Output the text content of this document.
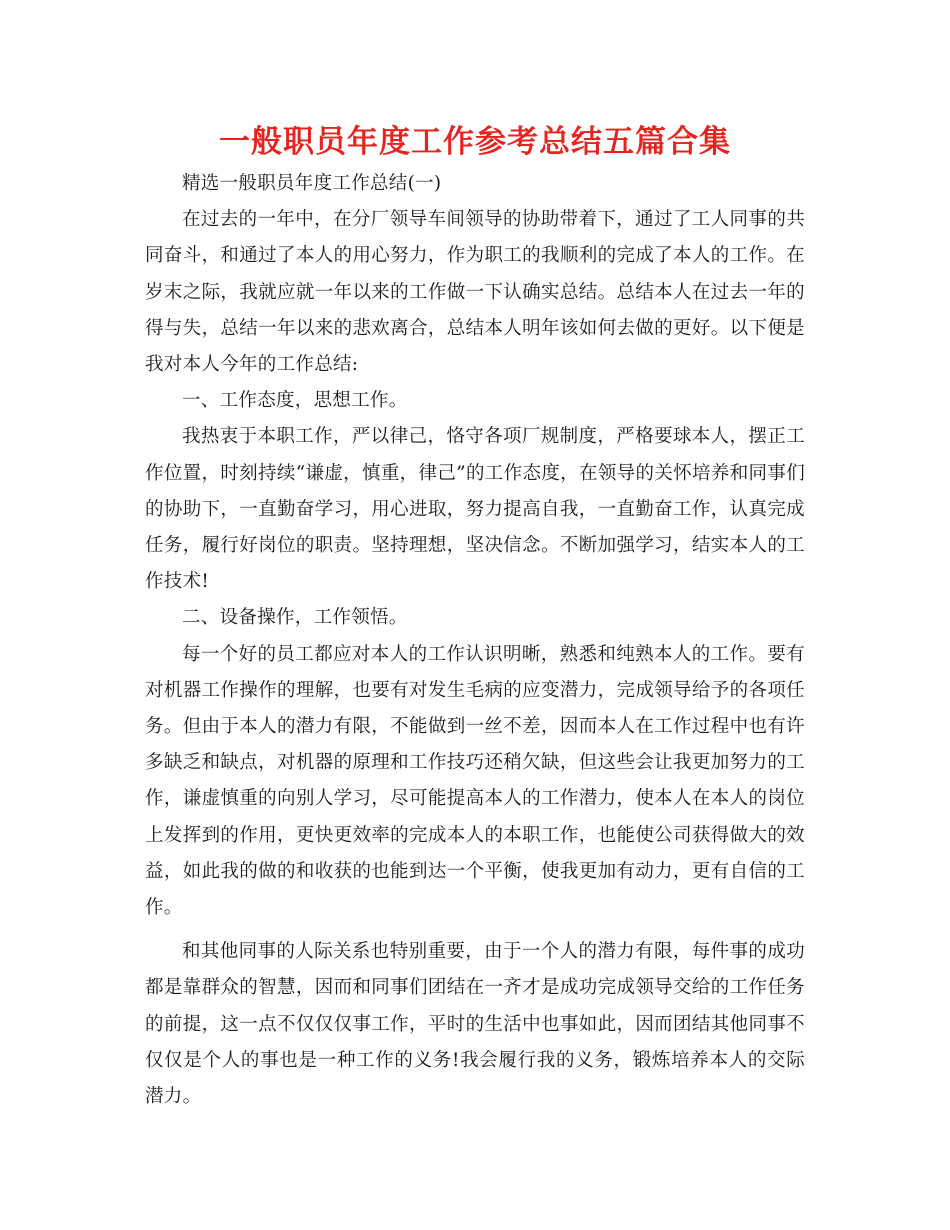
一般职员年度工作参考总结五篇合集

精选一般职员年度工作总结(一)

在过去的一年中，在分厂领导车间领导的协助带着下，通过了工人同事的共同奋斗，和通过了本人的用心努力，作为职工的我顺利的完成了本人的工作。在岁末之际，我就应就一年以来的工作做一下认确实总结。总结本人在过去一年的得与失，总结一年以来的悲欢离合，总结本人明年该如何去做的更好。以下便是我对本人今年的工作总结:

一、工作态度，思想工作。

我热衷于本职工作，严以律己，恪守各项厂规制度，严格要球本人，摆正工作位置，时刻持续“谦虚，慎重，律己”的工作态度，在领导的关怀培养和同事们的协助下，一直勤奋学习，用心进取，努力提高自我，一直勤奋工作，认真完成任务，履行好岗位的职责。坚持理想，坚决信念。不断加强学习，结实本人的工作技术!

二、设备操作，工作领悟。

每一个好的员工都应对本人的工作认识明晰，熟悉和纯熟本人的工作。要有对机器工作操作的理解，也要有对发生毛病的应变潜力，完成领导给予的各项任务。但由于本人的潜力有限，不能做到一丝不差，因而本人在工作过程中也有许多缺乏和缺点，对机器的原理和工作技巧还稍欠缺，但这些会让我更加努力的工作，谦虚慎重的向别人学习，尽可能提高本人的工作潜力，使本人在本人的岗位上发挥到的作用，更快更效率的完成本人的本职工作，也能使公司获得做大的效益，如此我的做的和收获的也能到达一个平衡，使我更加有动力，更有自信的工作。

和其他同事的人际关系也特别重要，由于一个人的潜力有限，每件事的成功都是靠群众的智慧，因而和同事们团结在一齐才是成功完成领导交给的工作任务的前提，这一点不仅仅仅事工作，平时的生活中也事如此，因而团结其他同事不仅仅是个人的事也是一种工作的义务!我会履行我的义务，锻炼培养本人的交际潜力。
